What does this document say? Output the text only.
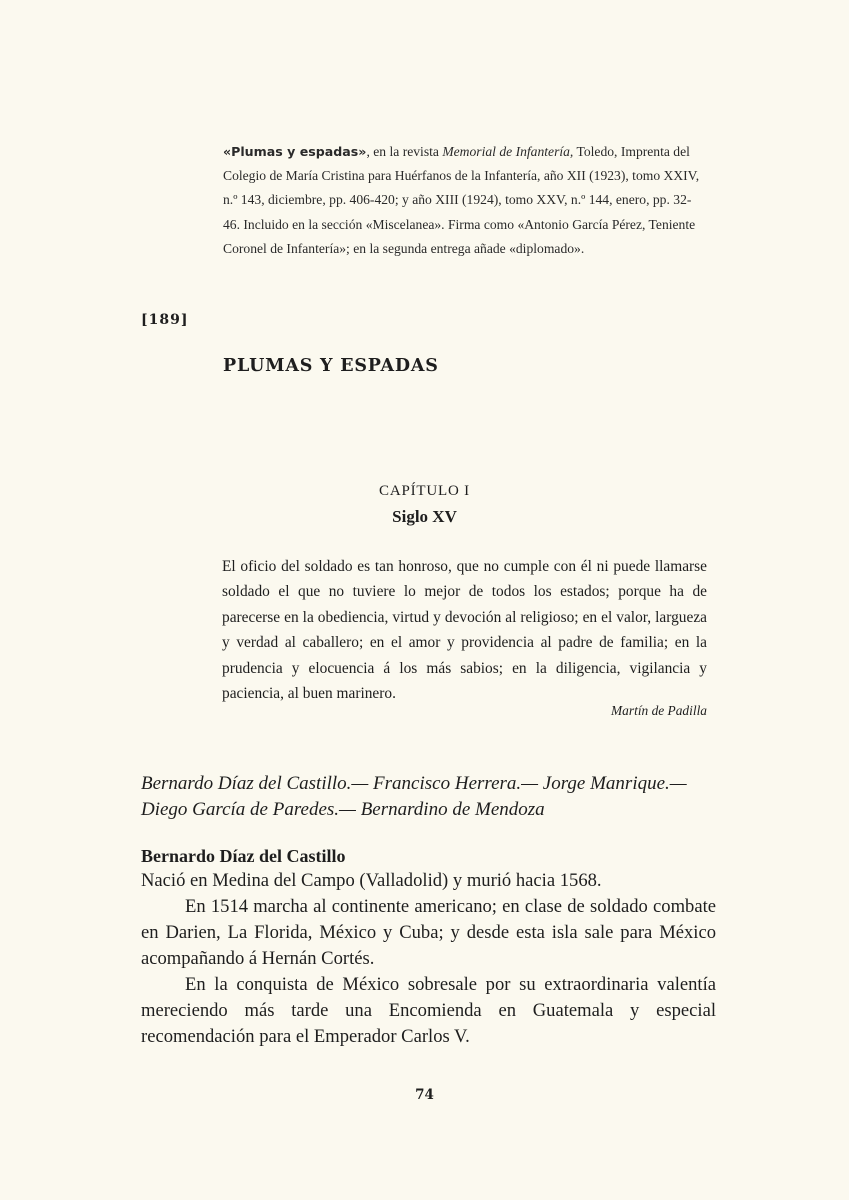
«Plumas y espadas», en la revista Memorial de Infantería, Toledo, Imprenta del Colegio de María Cristina para Huérfanos de la Infantería, año XII (1923), tomo XXIV, n.º 143, diciembre, pp. 406-420; y año XIII (1924), tomo XXV, n.º 144, enero, pp. 32-46. Incluido en la sección «Miscelanea». Firma como «Antonio García Pérez, Teniente Coronel de Infantería»; en la segunda entrega añade «diplomado».
[189]
PLUMAS Y ESPADAS
CAPÍTULO I
Siglo XV
El oficio del soldado es tan honroso, que no cumple con él ni puede llamarse soldado el que no tuviere lo mejor de todos los estados; porque ha de parecerse en la obediencia, virtud y devoción al religioso; en el valor, largueza y verdad al caballero; en el amor y providencia al padre de familia; en la prudencia y elocuencia á los más sabios; en la diligencia, vigilancia y paciencia, al buen marinero.
Martín de Padilla
Bernardo Díaz del Castillo.— Francisco Herrera.— Jorge Manrique.— Diego García de Paredes.— Bernardino de Mendoza
Bernardo Díaz del Castillo

Nació en Medina del Campo (Valladolid) y murió hacia 1568.

En 1514 marcha al continente americano; en clase de soldado combate en Darien, La Florida, México y Cuba; y desde esta isla sale para México acompañando á Hernán Cortés.

En la conquista de México sobresale por su extraordinaria valentía mereciendo más tarde una Encomienda en Guatemala y especial recomendación para el Emperador Carlos V.

74
